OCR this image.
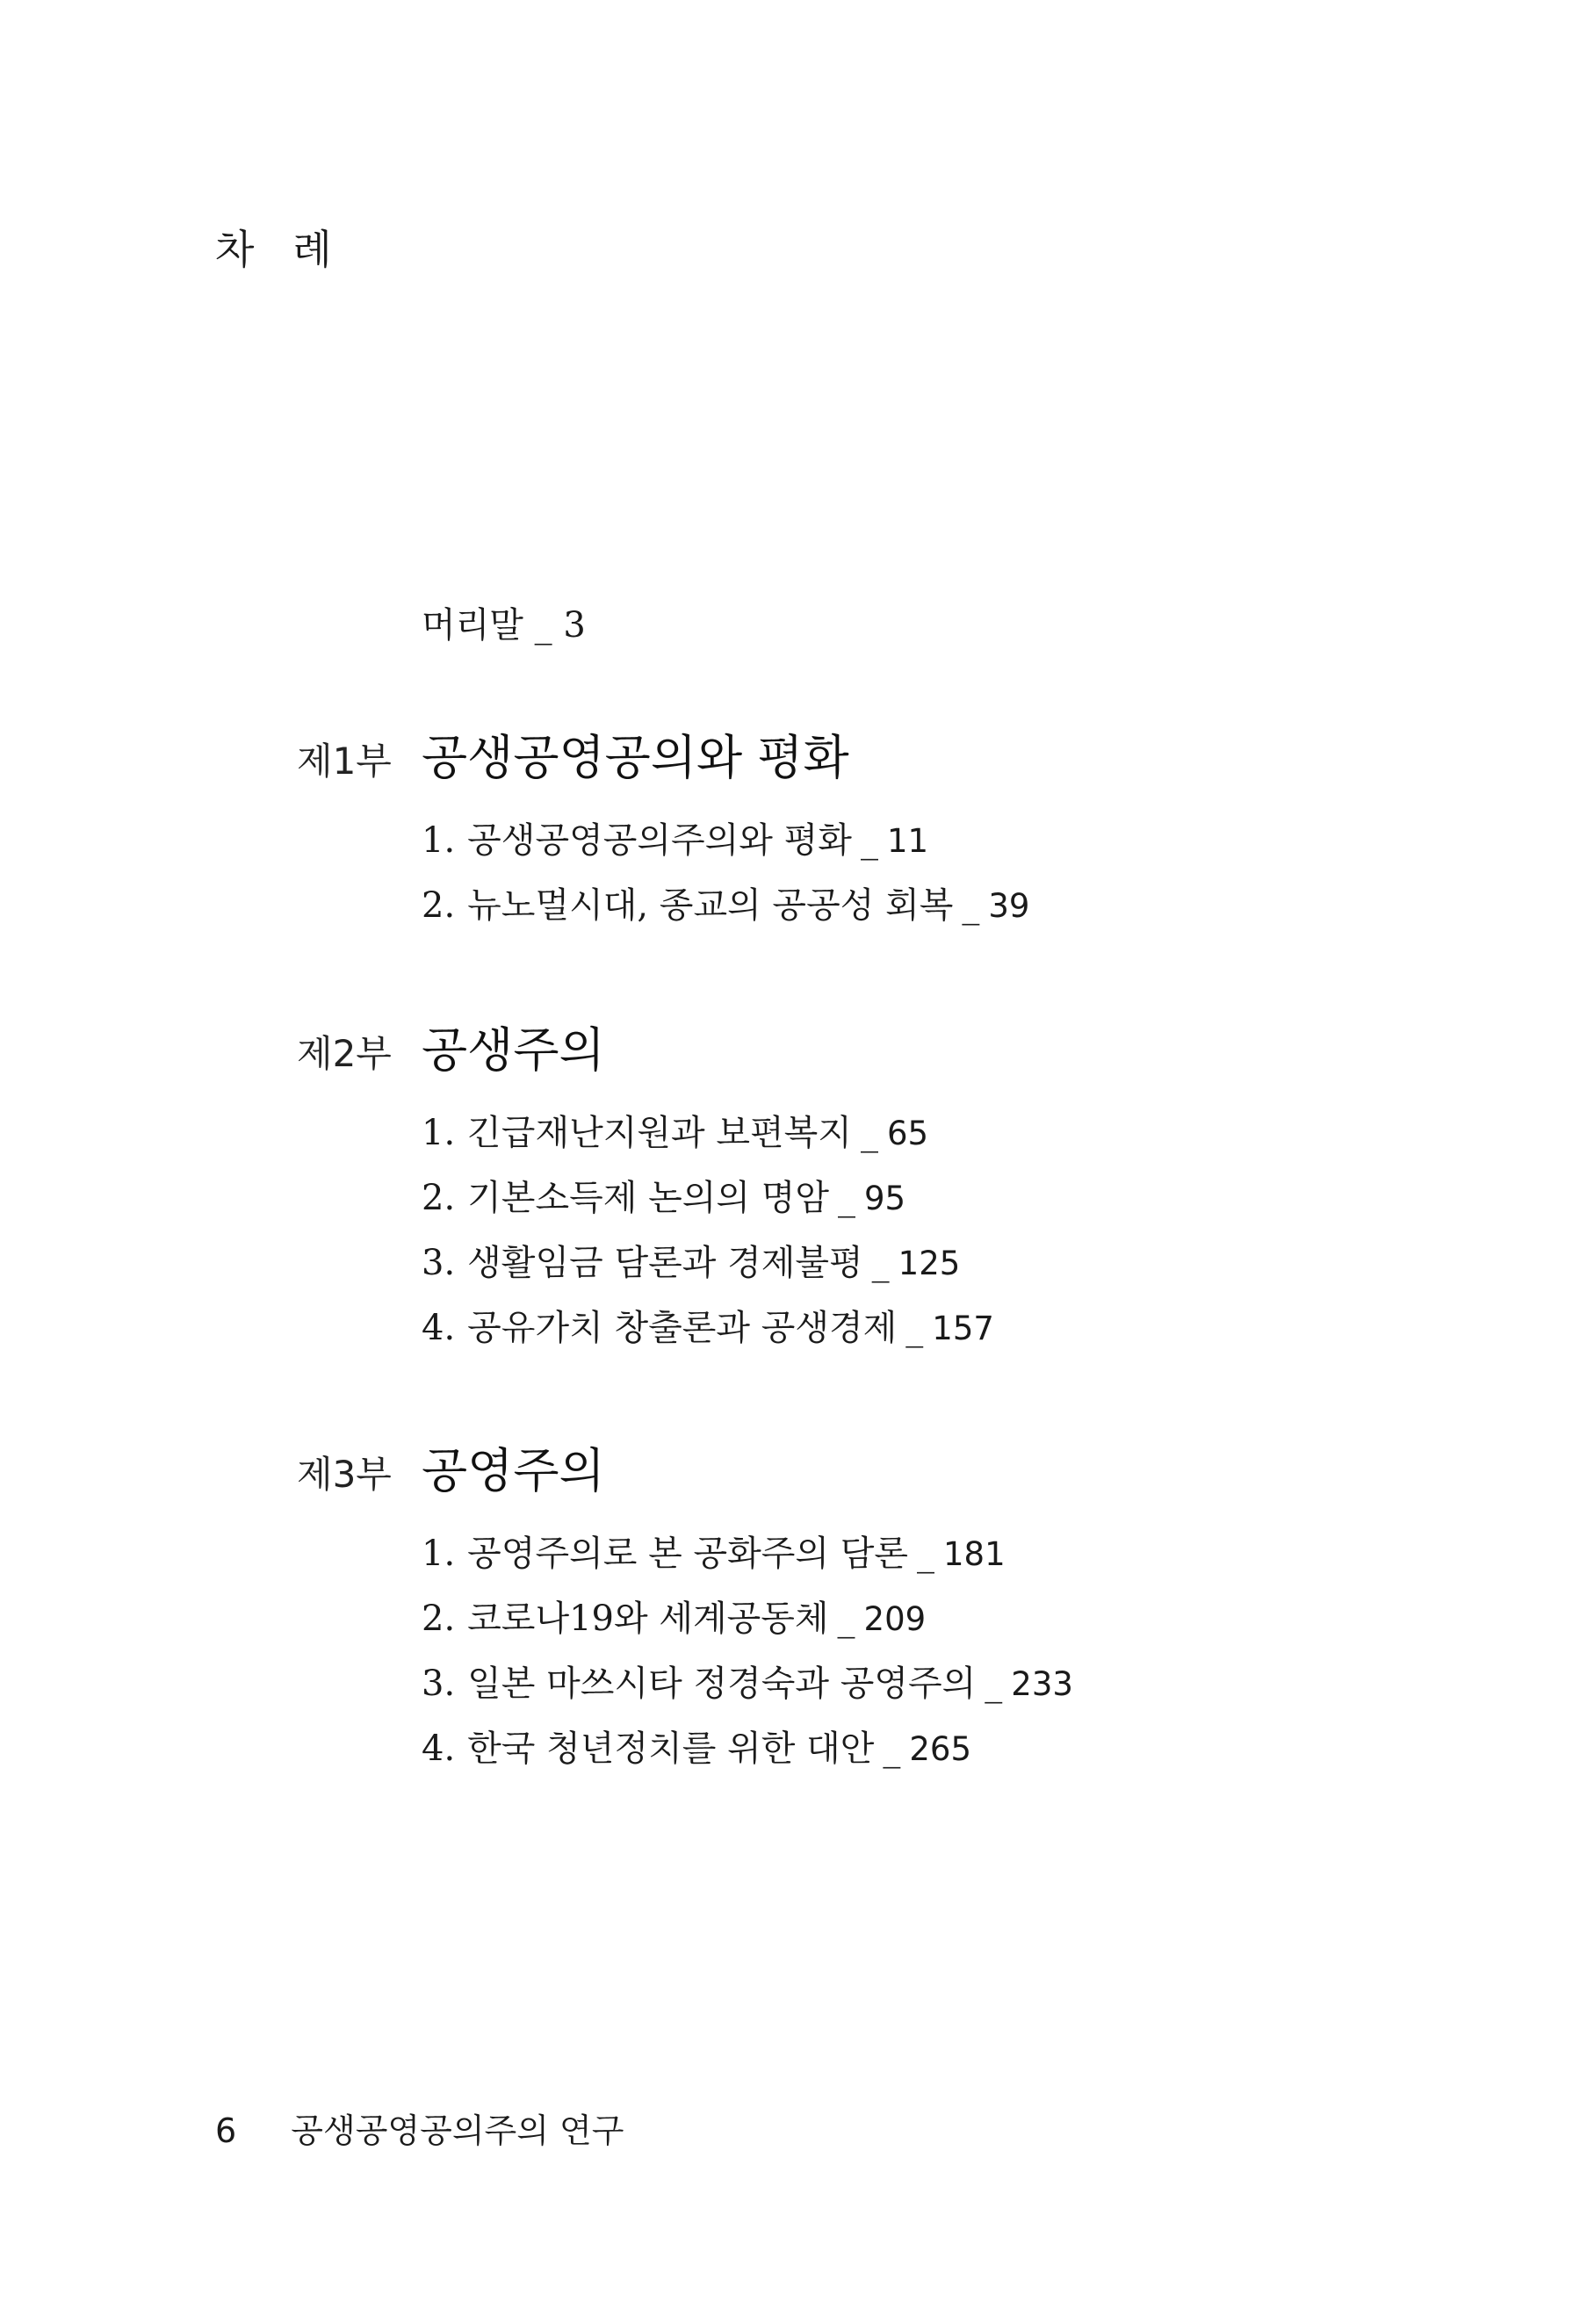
차   례
머리말 _ 3
제1부 공생공영공의와 평화
1. 공생공영공의주의와 평화 _ 11
2. 뉴노멀시대, 종교의 공공성 회복 _ 39
제2부 공생주의
1. 긴급재난지원과 보편복지 _ 65
2. 기본소득제 논의의 명암 _ 95
3. 생활임금 담론과 경제불평 _ 125
4. 공유가치 창출론과 공생경제 _ 157
제3부 공영주의
1. 공영주의로 본 공화주의 담론 _ 181
2. 코로나19와 세계공동체 _ 209
3. 일본 마쓰시타 정경숙과 공영주의 _ 233
4. 한국 청년정치를 위한 대안 _ 265
6 공생공영공의주의 연구
